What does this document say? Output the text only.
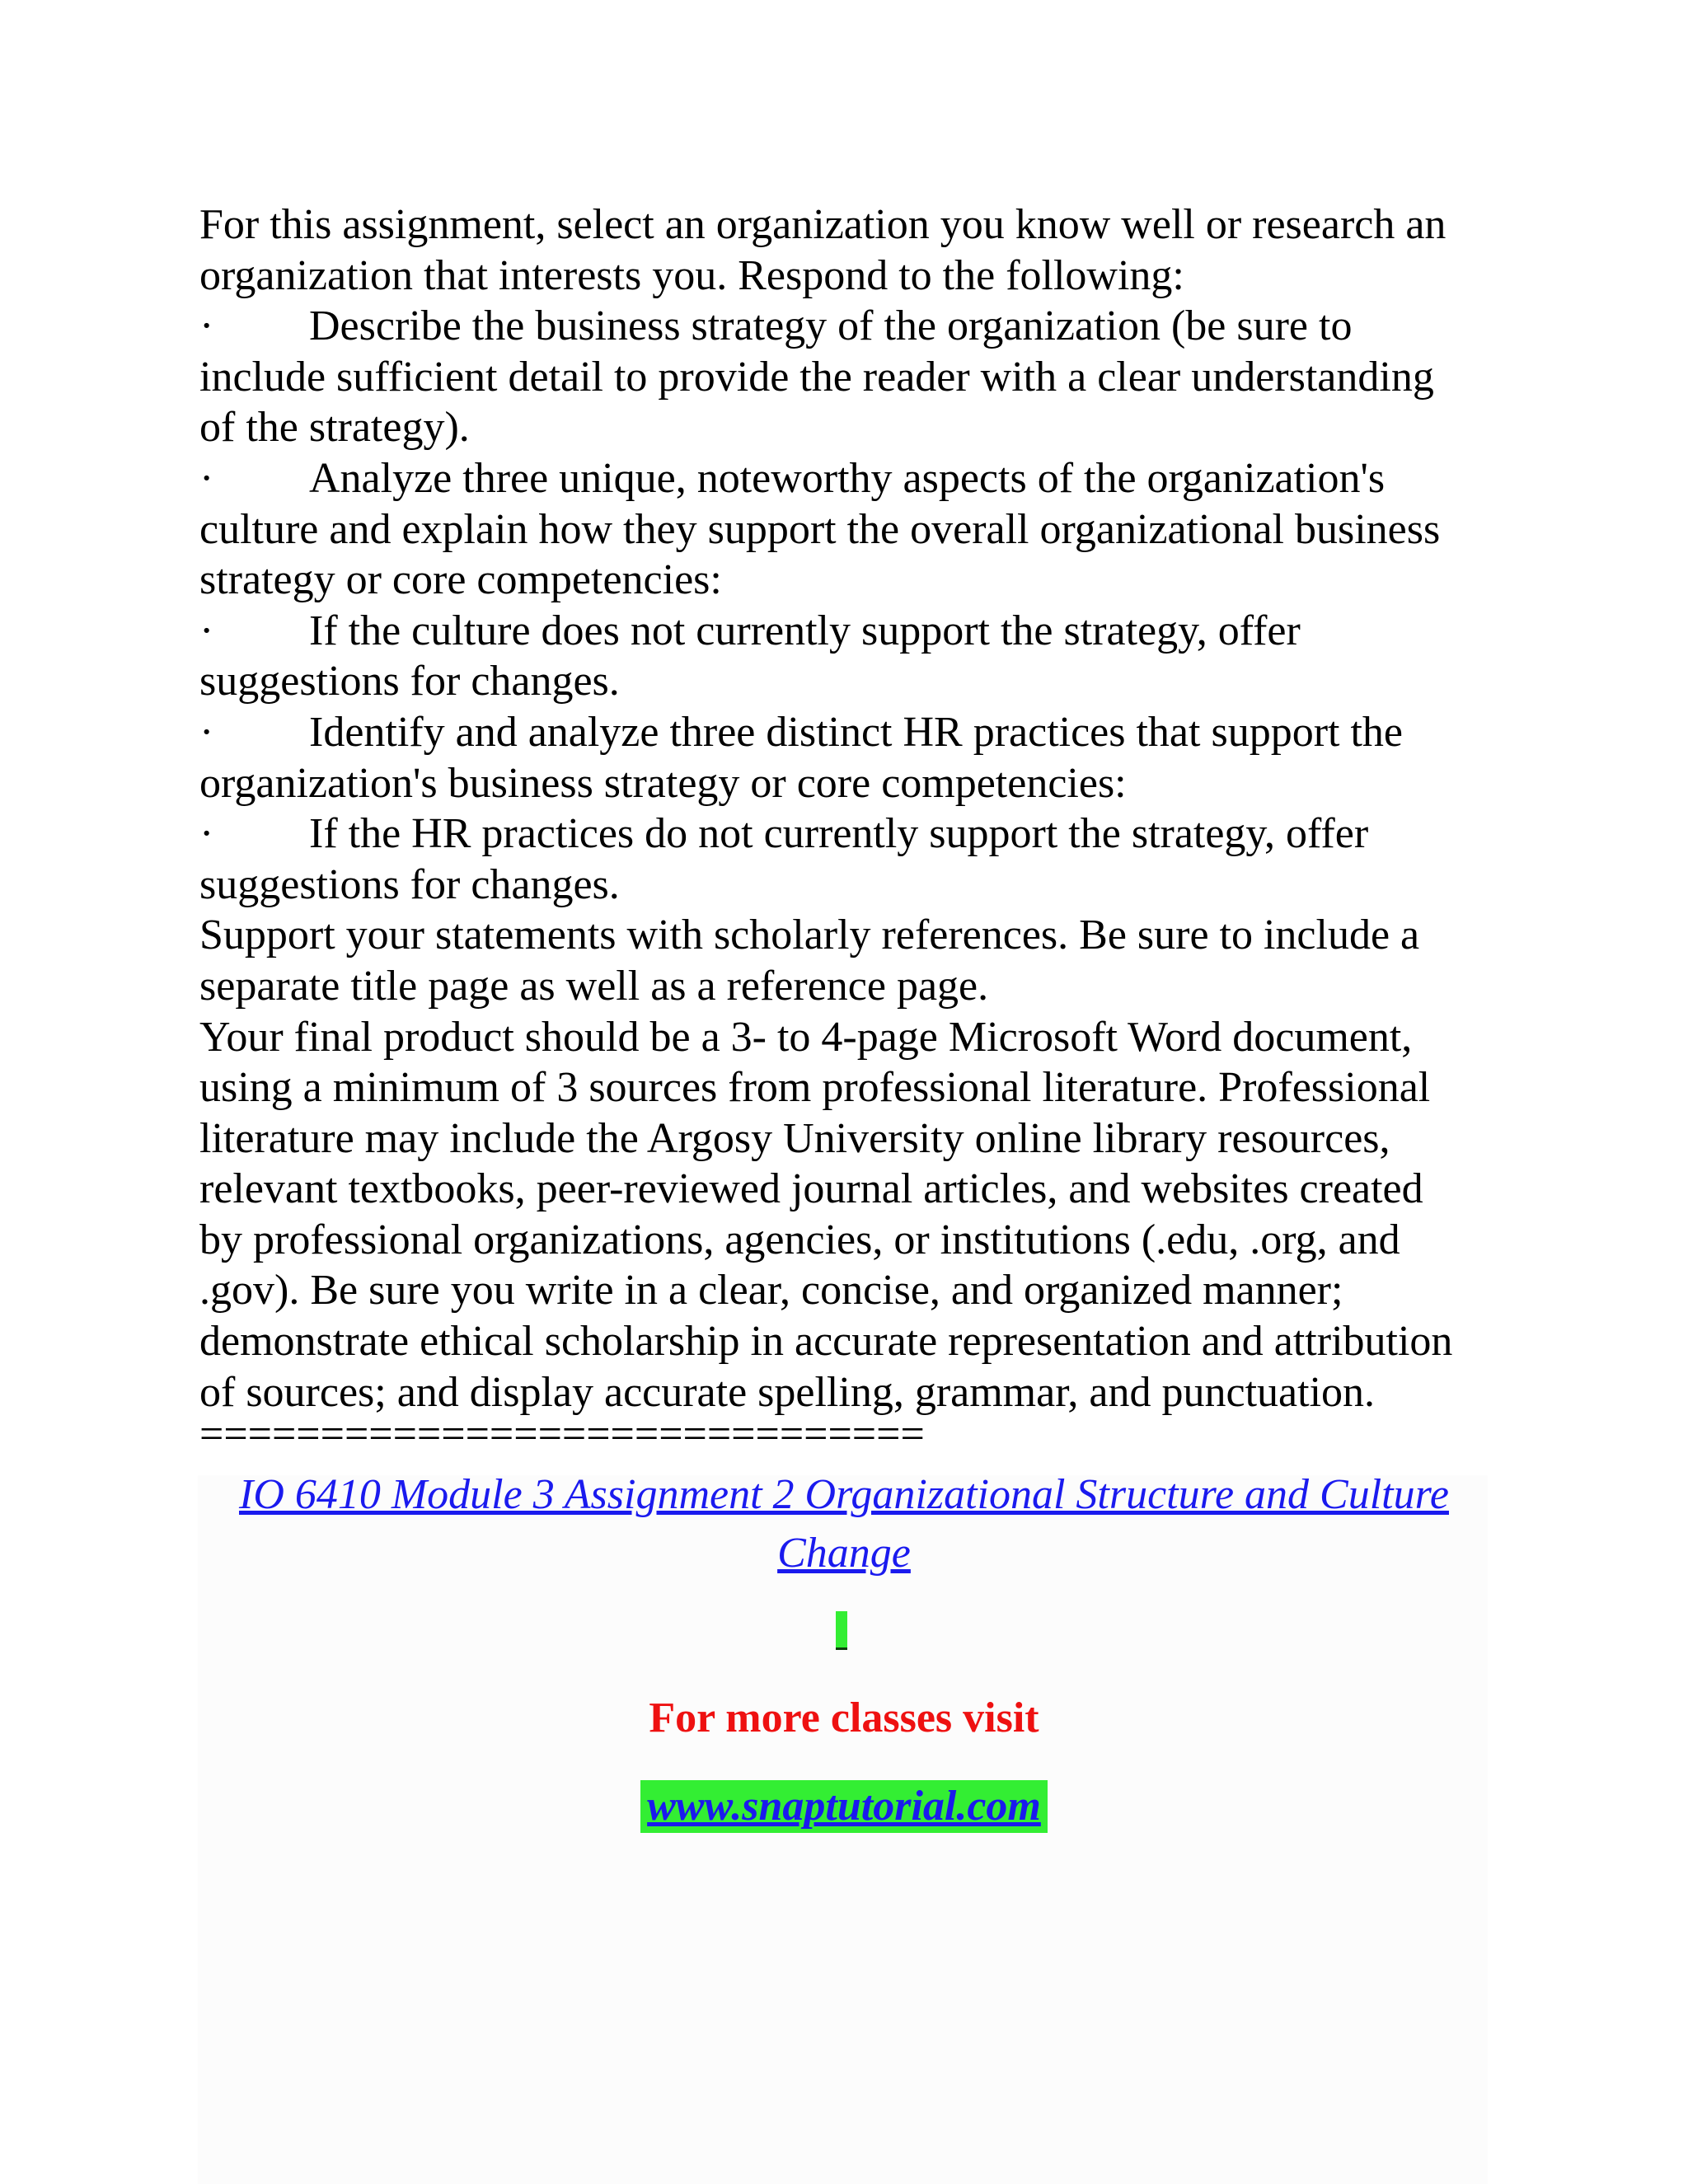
For this assignment, select an organization you know well or research an
organization that interests you. Respond to the following:
· Describe the business strategy of the organization (be sure to
include sufficient detail to provide the reader with a clear understanding
of the strategy).
· Analyze three unique, noteworthy aspects of the organization's
culture and explain how they support the overall organizational business
strategy or core competencies:
· If the culture does not currently support the strategy, offer
suggestions for changes.
· Identify and analyze three distinct HR practices that support the
organization's business strategy or core competencies:
· If the HR practices do not currently support the strategy, offer
suggestions for changes.
Support your statements with scholarly references. Be sure to include a
separate title page as well as a reference page.
Your final product should be a 3- to 4-page Microsoft Word document,
using a minimum of 3 sources from professional literature. Professional
literature may include the Argosy University online library resources,
relevant textbooks, peer-reviewed journal articles, and websites created
by professional organizations, agencies, or institutions (.edu, .org, and
.gov). Be sure you write in a clear, concise, and organized manner;
demonstrate ethical scholarship in accurate representation and attribution
of sources; and display accurate spelling, grammar, and punctuation.
==============================
IO 6410 Module 3 Assignment 2 Organizational Structure and Culture
Change
For more classes visit
www.snaptutorial.com
